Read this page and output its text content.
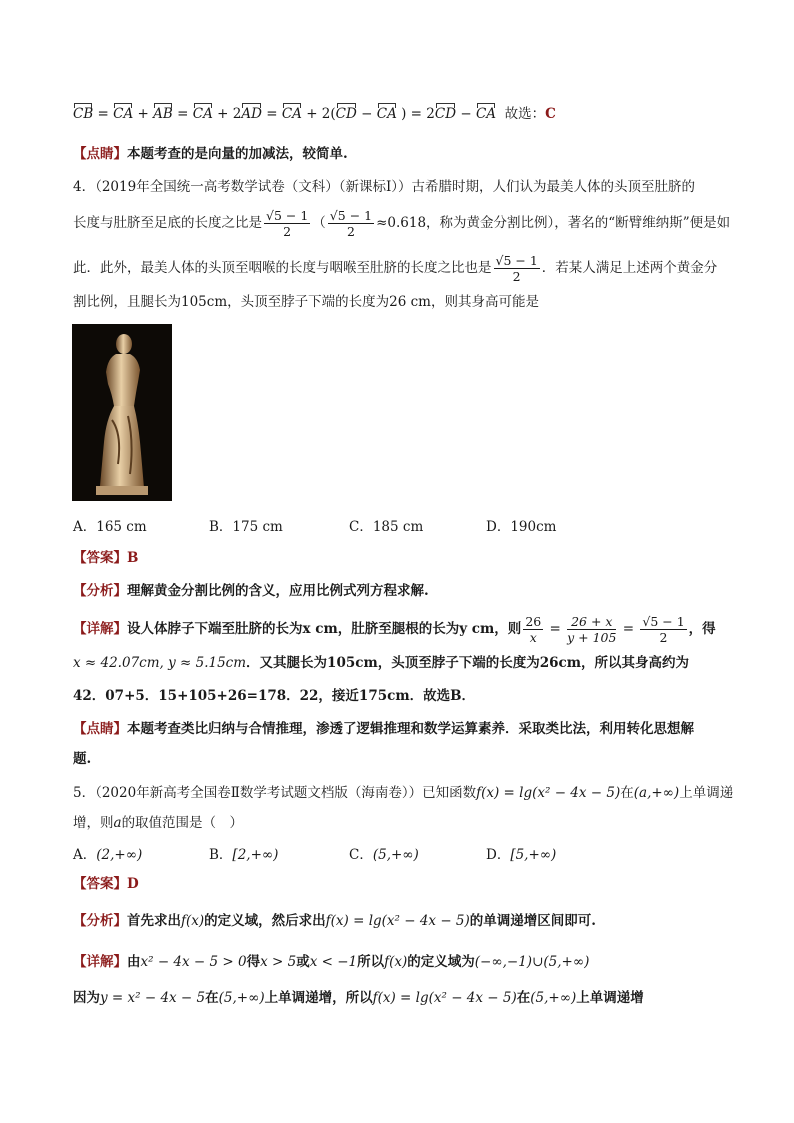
CB = CA + AB = CA + 2AD = CA + 2(CD − CA ) = 2CD − CA 故选：C
【点睛】本题考查的是向量的加减法，较简单.
4．（2019年全国统一高考数学试卷（文科）（新课标Ⅰ））古希腊时期，人们认为最美人体的头顶至肚脐的
长度与肚脐至足底的长度之比是 $\frac{√5 - 1}{2}$ （ $\frac{√5 - 1}{2} \approx 0.618$，称为黄金分割比例），著名的“断臂维纳斯”便是如
此．此外，最美人体的头顶至咽喉的长度与咽喉至肚脐的长度之比也是 $\frac{√5 - 1}{2}$ ．若某人满足上述两个黄金分
割比例，且腿长为105cm，头顶至脖子下端的长度为26 cm，则其身高可能是
A．165 cm	B．175 cm	C．185 cm	D．190cm
【答案】B
【分析】理解黄金分割比例的含义，应用比例式列方程求解.
【详解】设人体脖子下端至肚脐的长为x cm，肚脐至腿根的长为y cm，则 $\frac{26}{x} = \frac{26 + x}{y + 105} = \frac{√5 - 1}{2}$ ，得
x ≈ 42.07cm, y ≈ 5.15cm．又其腿长为105cm，头顶至脖子下端的长度为26cm，所以其身高约为
42．07+5．15+105+26=178．22，接近175cm．故选B．
【点睛】本题考查类比归纳与合情推理，渗透了逻辑推理和数学运算素养．采取类比法，利用转化思想解
题.
5．（2020年新高考全国卷Ⅱ数学考试题文档版（海南卷））已知函数f(x) = lg(x² − 4x − 5)在(a,+∞)上单调递
增，则a的取值范围是（　）
A．(2,+∞)	B．[2,+∞)	C．(5,+∞)	D．[5,+∞)
【答案】D
【分析】首先求出f(x)的定义域，然后求出f(x) = lg(x² − 4x − 5)的单调递增区间即可.
【详解】由x² − 4x − 5 > 0得x > 5或x < −1所以f(x)的定义域为(−∞,−1)∪(5,+∞)
因为y = x² − 4x − 5在(5,+∞)上单调递增，所以f(x) = lg(x² − 4x − 5)在(5,+∞)上单调递增
